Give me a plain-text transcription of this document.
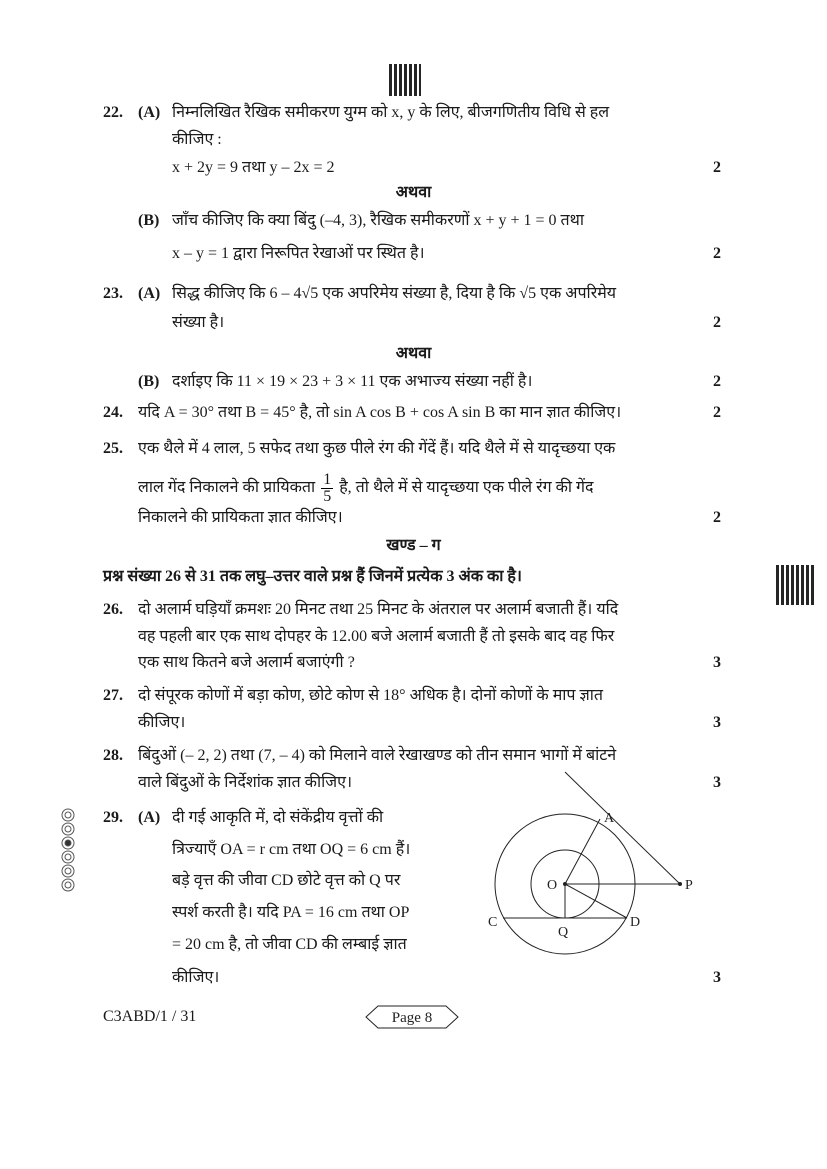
22. (A) निम्नलिखित रैखिक समीकरण युग्म को x, y के लिए, बीजगणितीय विधि से हल
कीजिए :
x + 2y = 9 तथा y – 2x = 2	2
अथवा
(B) जाँच कीजिए कि क्या बिंदु (–4, 3), रैखिक समीकरणों x + y + 1 = 0 तथा
x – y = 1 द्वारा निरूपित रेखाओं पर स्थित है।	2
23. (A) सिद्ध कीजिए कि 6 – 4√5 एक अपरिमेय संख्या है, दिया है कि √5 एक अपरिमेय
संख्या है।	2
अथवा
(B) दर्शाइए कि 11 × 19 × 23 + 3 × 11 एक अभाज्य संख्या नहीं है।	2
24. यदि A = 30° तथा B = 45° है, तो sin A cos B + cos A sin B का मान ज्ञात कीजिए।	2
25. एक थैले में 4 लाल, 5 सफेद तथा कुछ पीले रंग की गेंदें हैं। यदि थैले में से यादृच्छया एक
लाल गेंद निकालने की प्रायिकता $\frac{1}{5}$ है, तो थैले में से यादृच्छया एक पीले रंग की गेंद
निकालने की प्रायिकता ज्ञात कीजिए।	2
खण्ड – ग
प्रश्न संख्या 26 से 31 तक लघु–उत्तर वाले प्रश्न हैं जिनमें प्रत्येक 3 अंक का है।
26. दो अलार्म घड़ियाँ क्रमशः 20 मिनट तथा 25 मिनट के अंतराल पर अलार्म बजाती हैं। यदि
वह पहली बार एक साथ दोपहर के 12.00 बजे अलार्म बजाती हैं तो इसके बाद वह फिर
एक साथ कितने बजे अलार्म बजाएंगी ?	3
27. दो संपूरक कोणों में बड़ा कोण, छोटे कोण से 18° अधिक है। दोनों कोणों के माप ज्ञात
कीजिए।	3
28. बिंदुओं (– 2, 2) तथा (7, – 4) को मिलाने वाले रेखाखण्ड को तीन समान भागों में बांटने
वाले बिंदुओं के निर्देशांक ज्ञात कीजिए।	3
29. (A) दी गई आकृति में, दो संकेंद्रीय वृत्तों की
त्रिज्याएँ OA = r cm तथा OQ = 6 cm हैं।
बड़े वृत्त की जीवा CD छोटे वृत्त को Q पर
स्पर्श करती है। यदि PA = 16 cm तथा OP
= 20 cm है, तो जीवा CD की लम्बाई ज्ञात
कीजिए।	3
A
O	P
C
Q
D
C3ABD/1 / 31	Page 8
